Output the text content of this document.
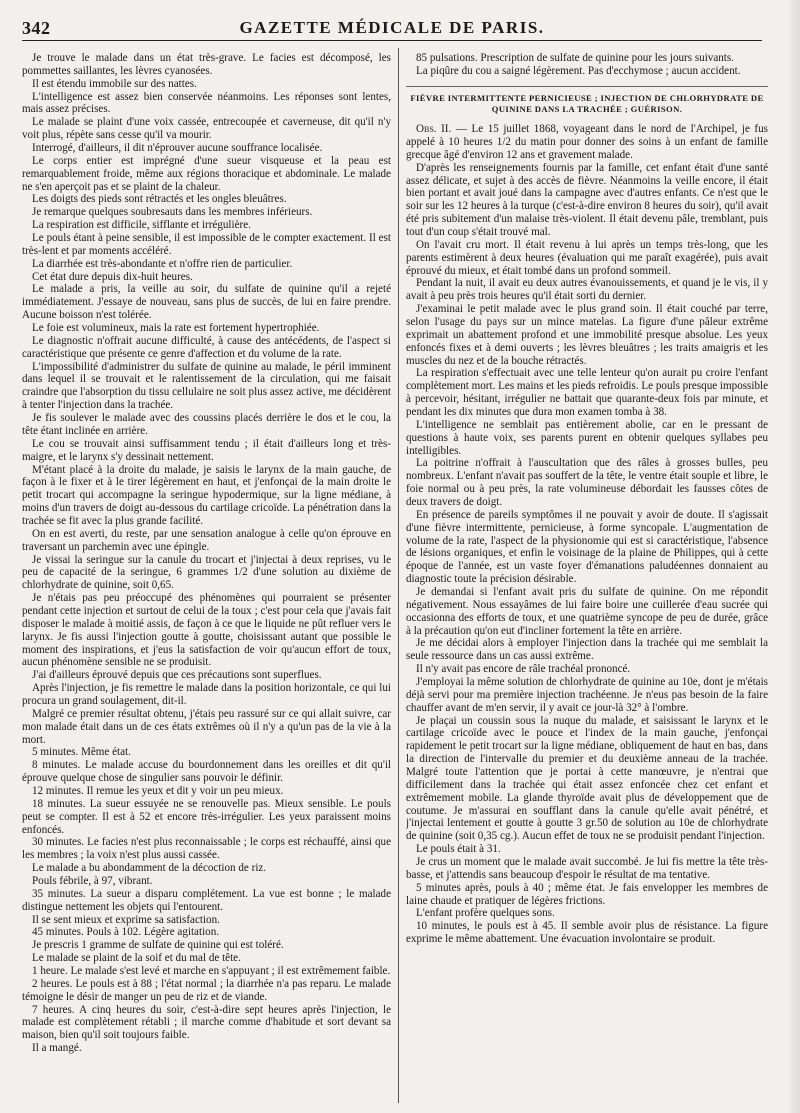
342	GAZETTE MÉDICALE DE PARIS.

Je trouve le malade dans un état très-grave. Le facies est décomposé, les pommettes saillantes, les lèvres cyanosées.

Il est étendu immobile sur des nattes.

L'intelligence est assez bien conservée néanmoins. Les réponses sont lentes, mais assez précises.

Le malade se plaint d'une voix cassée, entrecoupée et caverneuse, dit qu'il n'y voit plus, répète sans cesse qu'il va mourir.

Interrogé, d'ailleurs, il dit n'éprouver aucune souffrance localisée.

Le corps entier est imprégné d'une sueur visqueuse et la peau est remarquablement froide, même aux régions thoracique et abdominale. Le malade ne s'en aperçoit pas et se plaint de la chaleur.

Les doigts des pieds sont rétractés et les ongles bleuâtres.

Je remarque quelques soubresauts dans les membres inférieurs.

La respiration est difficile, sifflante et irrégulière.

Le pouls étant à peine sensible, il est impossible de le compter exactement. Il est très-lent et par moments accéléré.

La diarrhée est très-abondante et n'offre rien de particulier.

Cet état dure depuis dix-huit heures.

Le malade a pris, la veille au soir, du sulfate de quinine qu'il a rejeté immédiatement. J'essaye de nouveau, sans plus de succès, de lui en faire prendre. Aucune boisson n'est tolérée.

Le foie est volumineux, mais la rate est fortement hypertrophiée.

Le diagnostic n'offrait aucune difficulté, à cause des antécédents, de l'aspect si caractéristique que présente ce genre d'affection et du volume de la rate.

L'impossibilité d'administrer du sulfate de quinine au malade, le péril imminent dans lequel il se trouvait et le ralentissement de la circulation, qui me faisait craindre que l'absorption du tissu cellulaire ne soit plus assez active, me décidèrent à tenter l'injection dans la trachée.

Je fis soulever le malade avec des coussins placés derrière le dos et le cou, la tête étant inclinée en arrière.

Le cou se trouvait ainsi suffisamment tendu ; il était d'ailleurs long et très-maigre, et le larynx s'y dessinait nettement.

M'étant placé à la droite du malade, je saisis le larynx de la main gauche, de façon à le fixer et à le tirer légèrement en haut, et j'enfonçai de la main droite le petit trocart qui accompagne la seringue hypodermique, sur la ligne médiane, à moins d'un travers de doigt au-dessous du cartilage cricoïde. La pénétration dans la trachée se fit avec la plus grande facilité.

On en est averti, du reste, par une sensation analogue à celle qu'on éprouve en traversant un parchemin avec une épingle.

Je vissai la seringue sur la canule du trocart et j'injectai à deux reprises, vu le peu de capacité de la seringue, 6 grammes 1/2 d'une solution au dixième de chlorhydrate de quinine, soit 0,65.

Je n'étais pas peu préoccupé des phénomènes qui pourraient se présenter pendant cette injection et surtout de celui de la toux ; c'est pour cela que j'avais fait disposer le malade à moitié assis, de façon à ce que le liquide ne pût refluer vers le larynx. Je fis aussi l'injection goutte à goutte, choisissant autant que possible le moment des inspirations, et j'eus la satisfaction de voir qu'aucun effort de toux, aucun phénomène sensible ne se produisit.

J'ai d'ailleurs éprouvé depuis que ces précautions sont superflues.

Après l'injection, je fis remettre le malade dans la position horizontale, ce qui lui procura un grand soulagement, dit-il.

Malgré ce premier résultat obtenu, j'étais peu rassuré sur ce qui allait suivre, car mon malade était dans un de ces états extrêmes où il n'y a qu'un pas de la vie à la mort.

5 minutes. Même état.

8 minutes. Le malade accuse du bourdonnement dans les oreilles et dit qu'il éprouve quelque chose de singulier sans pouvoir le définir.

12 minutes. Il remue les yeux et dit y voir un peu mieux.

18 minutes. La sueur essuyée ne se renouvelle pas. Mieux sensible. Le pouls peut se compter. Il est à 52 et encore très-irrégulier. Les yeux paraissent moins enfoncés.

30 minutes. Le facies n'est plus reconnaissable ; le corps est réchauffé, ainsi que les membres ; la voix n'est plus aussi cassée.

Le malade a bu abondamment de la décoction de riz.

Pouls fébrile, à 97, vibrant.

35 minutes. La sueur a disparu complétement. La vue est bonne ; le malade distingue nettement les objets qui l'entourent.

Il se sent mieux et exprime sa satisfaction.

45 minutes. Pouls à 102. Légère agitation.

Je prescris 1 gramme de sulfate de quinine qui est toléré.

Le malade se plaint de la soif et du mal de tête.

1 heure. Le malade s'est levé et marche en s'appuyant ; il est extrêmement faible.

2 heures. Le pouls est à 88 ; l'état normal ; la diarrhée n'a pas reparu. Le malade témoigne le désir de manger un peu de riz et de viande.

7 heures. A cinq heures du soir, c'est-à-dire sept heures après l'injection, le malade est complètement rétabli ; il marche comme d'habitude et sort devant sa maison, bien qu'il soit toujours faible.

Il a mangé.

85 pulsations. Prescription de sulfate de quinine pour les jours suivants.

La piqûre du cou a saigné légèrement. Pas d'ecchymose ; aucun accident.

FIÈVRE INTERMITTENTE PERNICIEUSE ; INJECTION DE CHLORHYDRATE DE QUININE DANS LA TRACHÉE ; GUÉRISON.

Obs. II. — Le 15 juillet 1868, voyageant dans le nord de l'Archipel, je fus appelé à 10 heures 1/2 du matin pour donner des soins à un enfant de famille grecque âgé d'environ 12 ans et gravement malade.

D'après les renseignements fournis par la famille, cet enfant était d'une santé assez délicate, et sujet à des accès de fièvre. Néanmoins la veille encore, il était bien portant et avait joué dans la campagne avec d'autres enfants. Ce n'est que le soir sur les 12 heures à la turque (c'est-à-dire environ 8 heures du soir), qu'il avait été pris subitement d'un malaise très-violent. Il était devenu pâle, tremblant, puis tout d'un coup s'était trouvé mal.

On l'avait cru mort. Il était revenu à lui après un temps très-long, que les parents estimèrent à deux heures (évaluation qui me paraît exagérée), puis avait éprouvé du mieux, et était tombé dans un profond sommeil.

Pendant la nuit, il avait eu deux autres évanouissements, et quand je le vis, il y avait à peu près trois heures qu'il était sorti du dernier.

J'examinai le petit malade avec le plus grand soin. Il était couché par terre, selon l'usage du pays sur un mince matelas. La figure d'une pâleur extrême exprimait un abattement profond et une immobilité presque absolue. Les yeux enfoncés fixes et à demi ouverts ; les lèvres bleuâtres ; les traits amaigris et les muscles du nez et de la bouche rétractés.

La respiration s'effectuait avec une telle lenteur qu'on aurait pu croire l'enfant complètement mort. Les mains et les pieds refroidis. Le pouls presque impossible à percevoir, hésitant, irrégulier ne battait que quarante-deux fois par minute, et pendant les dix minutes que dura mon examen tomba à 38.

L'intelligence ne semblait pas entièrement abolie, car en le pressant de questions à haute voix, ses parents purent en obtenir quelques syllabes peu intelligibles.

La poitrine n'offrait à l'auscultation que des râles à grosses bulles, peu nombreux. L'enfant n'avait pas souffert de la tête, le ventre était souple et libre, le foie normal ou à peu près, la rate volumineuse débordait les fausses côtes de deux travers de doigt.

En présence de pareils symptômes il ne pouvait y avoir de doute. Il s'agissait d'une fièvre intermittente, pernicieuse, à forme syncopale. L'augmentation de volume de la rate, l'aspect de la physionomie qui est si caractéristique, l'absence de lésions organiques, et enfin le voisinage de la plaine de Philippes, qui à cette époque de l'année, est un vaste foyer d'émanations paludéennes donnaient au diagnostic toute la précision désirable.

Je demandai si l'enfant avait pris du sulfate de quinine. On me répondit négativement. Nous essayâmes de lui faire boire une cuillerée d'eau sucrée qui occasionna des efforts de toux, et une quatrième syncope de peu de durée, grâce à la précaution qu'on eut d'incliner fortement la tête en arrière.

Je me décidai alors à employer l'injection dans la trachée qui me semblait la seule ressource dans un cas aussi extrême.

Il n'y avait pas encore de râle trachéal prononcé.

J'employai la même solution de chlorhydrate de quinine au 10e, dont je m'étais déjà servi pour ma première injection trachéenne. Je n'eus pas besoin de la faire chauffer avant de m'en servir, il y avait ce jour-là 32° à l'ombre.

Je plaçai un coussin sous la nuque du malade, et saisissant le larynx et le cartilage cricoïde avec le pouce et l'index de la main gauche, j'enfonçai rapidement le petit trocart sur la ligne médiane, obliquement de haut en bas, dans la direction de l'intervalle du premier et du deuxième anneau de la trachée. Malgré toute l'attention que je portai à cette manœuvre, je n'entrai que difficilement dans la trachée qui était assez enfoncée chez cet enfant et extrêmement mobile. La glande thyroïde avait plus de développement que de coutume. Je m'assurai en soufflant dans la canule qu'elle avait pénétré, et j'injectai lentement et goutte à goutte 3 gr.50 de solution au 10e de chlorhydrate de quinine (soit 0,35 cg.). Aucun effet de toux ne se produisit pendant l'injection.

Le pouls était à 31.

Je crus un moment que le malade avait succombé. Je lui fis mettre la tête très-basse, et j'attendis sans beaucoup d'espoir le résultat de ma tentative.

5 minutes après, pouls à 40 ; même état. Je fais envelopper les membres de laine chaude et pratiquer de légères frictions.

L'enfant profère quelques sons.

10 minutes, le pouls est à 45. Il semble avoir plus de résistance. La figure exprime le même abattement. Une évacuation involontaire se produit.
